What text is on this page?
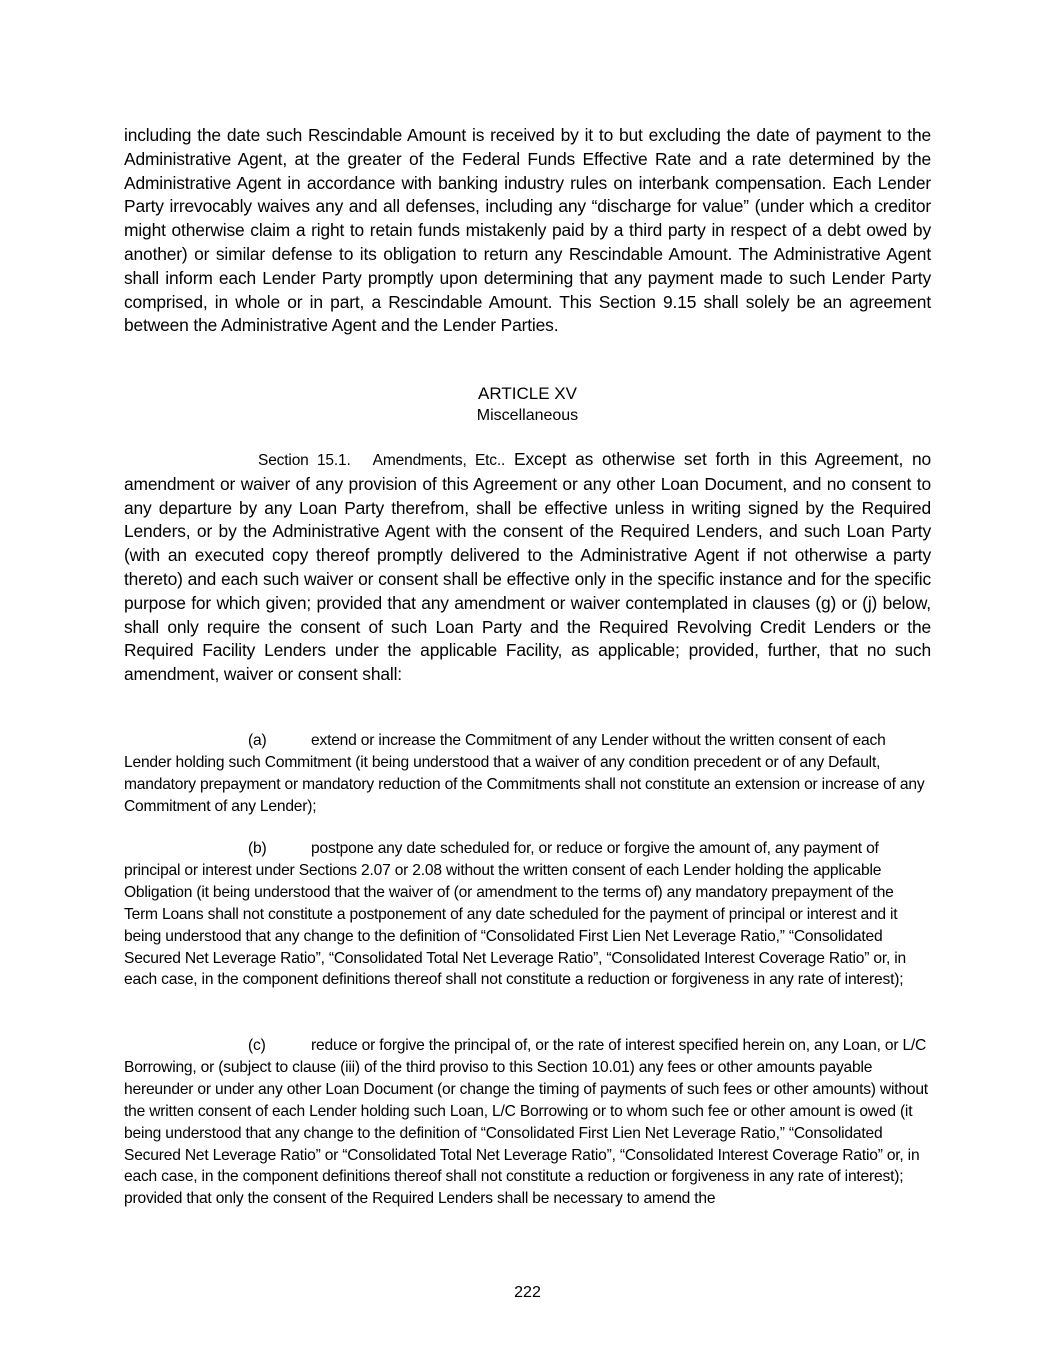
including the date such Rescindable Amount is received by it to but excluding the date of payment to the Administrative Agent, at the greater of the Federal Funds Effective Rate and a rate determined by the Administrative Agent in accordance with banking industry rules on interbank compensation. Each Lender Party irrevocably waives any and all defenses, including any “discharge for value” (under which a creditor might otherwise claim a right to retain funds mistakenly paid by a third party in respect of a debt owed by another) or similar defense to its obligation to return any Rescindable Amount. The Administrative Agent shall inform each Lender Party promptly upon determining that any payment made to such Lender Party comprised, in whole or in part, a Rescindable Amount. This Section 9.15 shall solely be an agreement between the Administrative Agent and the Lender Parties.
ARTICLE XV
Miscellaneous
Section 15.1. Amendments, Etc.. Except as otherwise set forth in this Agreement, no amendment or waiver of any provision of this Agreement or any other Loan Document, and no consent to any departure by any Loan Party therefrom, shall be effective unless in writing signed by the Required Lenders, or by the Administrative Agent with the consent of the Required Lenders, and such Loan Party (with an executed copy thereof promptly delivered to the Administrative Agent if not otherwise a party thereto) and each such waiver or consent shall be effective only in the specific instance and for the specific purpose for which given; provided that any amendment or waiver contemplated in clauses (g) or (j) below, shall only require the consent of such Loan Party and the Required Revolving Credit Lenders or the Required Facility Lenders under the applicable Facility, as applicable; provided, further, that no such amendment, waiver or consent shall:
(a)	extend or increase the Commitment of any Lender without the written consent of each Lender holding such Commitment (it being understood that a waiver of any condition precedent or of any Default, mandatory prepayment or mandatory reduction of the Commitments shall not constitute an extension or increase of any Commitment of any Lender);
(b)	postpone any date scheduled for, or reduce or forgive the amount of, any payment of principal or interest under Sections 2.07 or 2.08 without the written consent of each Lender holding the applicable Obligation (it being understood that the waiver of (or amendment to the terms of) any mandatory prepayment of the Term Loans shall not constitute a postponement of any date scheduled for the payment of principal or interest and it being understood that any change to the definition of “Consolidated First Lien Net Leverage Ratio,” “Consolidated Secured Net Leverage Ratio”, “Consolidated Total Net Leverage Ratio”, “Consolidated Interest Coverage Ratio” or, in each case, in the component definitions thereof shall not constitute a reduction or forgiveness in any rate of interest);
(c)	reduce or forgive the principal of, or the rate of interest specified herein on, any Loan, or L/C Borrowing, or (subject to clause (iii) of the third proviso to this Section 10.01) any fees or other amounts payable hereunder or under any other Loan Document (or change the timing of payments of such fees or other amounts) without the written consent of each Lender holding such Loan, L/C Borrowing or to whom such fee or other amount is owed (it being understood that any change to the definition of “Consolidated First Lien Net Leverage Ratio,” “Consolidated Secured Net Leverage Ratio” or “Consolidated Total Net Leverage Ratio”, “Consolidated Interest Coverage Ratio” or, in each case, in the component definitions thereof shall not constitute a reduction or forgiveness in any rate of interest); provided that only the consent of the Required Lenders shall be necessary to amend the
222
